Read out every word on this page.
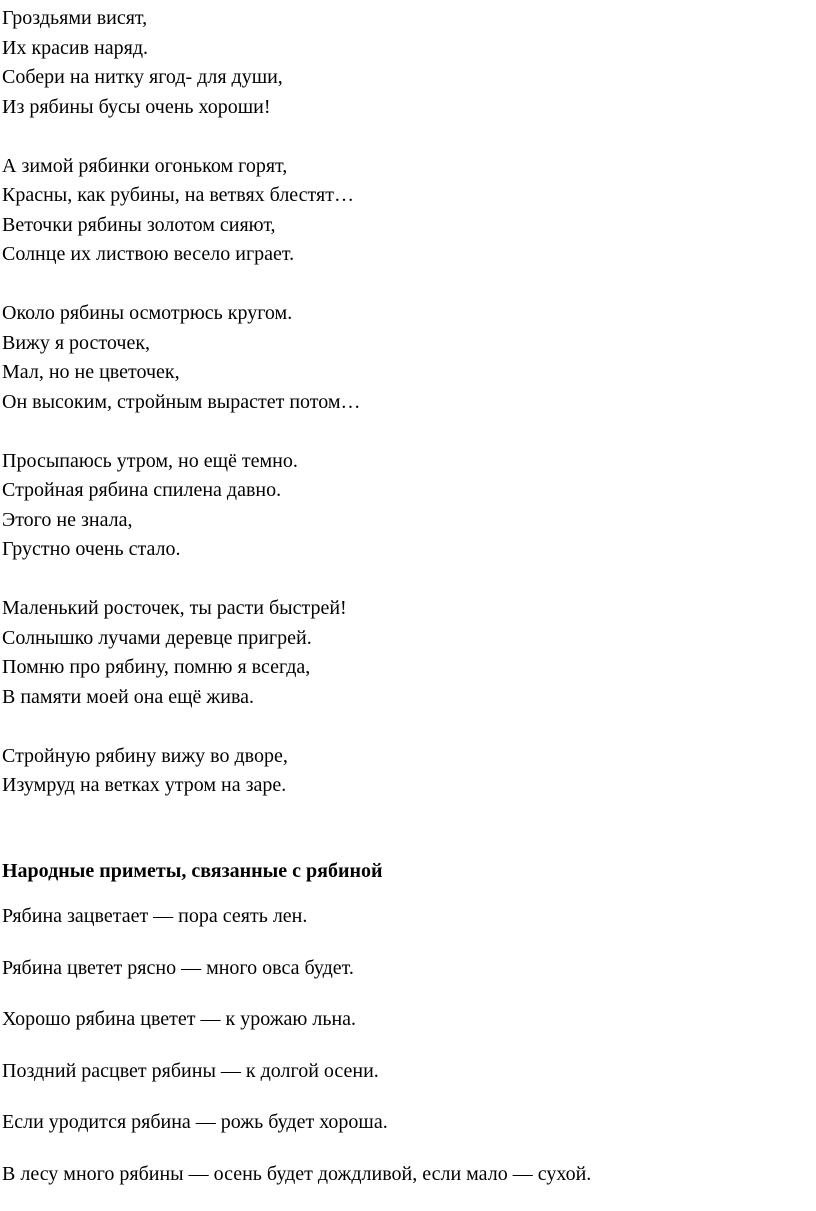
Гроздьями висят,
Их красив наряд.
Собери на нитку ягод- для души,
Из рябины бусы очень хороши!
А зимой рябинки огоньком горят,
Красны, как рубины, на ветвях блестят…
Веточки рябины золотом сияют,
Солнце их листвою весело играет.
Около рябины осмотрюсь кругом.
Вижу я росточек,
Мал, но не цветочек,
Он высоким, стройным вырастет потом…
Просыпаюсь утром, но ещё темно.
Стройная рябина спилена давно.
Этого не знала,
Грустно очень стало.
Маленький росточек, ты расти быстрей!
Солнышко лучами деревце пригрей.
Помню про рябину, помню я всегда,
В памяти моей она ещё жива.
Стройную рябину вижу во дворе,
Изумруд на ветках утром на заре.
Народные приметы, связанные с рябиной
Рябина зацветает — пора сеять лен.
Рябина цветет рясно — много овса будет.
Хорошо рябина цветет — к урожаю льна.
Поздний расцвет рябины — к долгой осени.
Если уродится рябина — рожь будет хороша.
В лесу много рябины — осень будет дождливой, если мало — сухой.
